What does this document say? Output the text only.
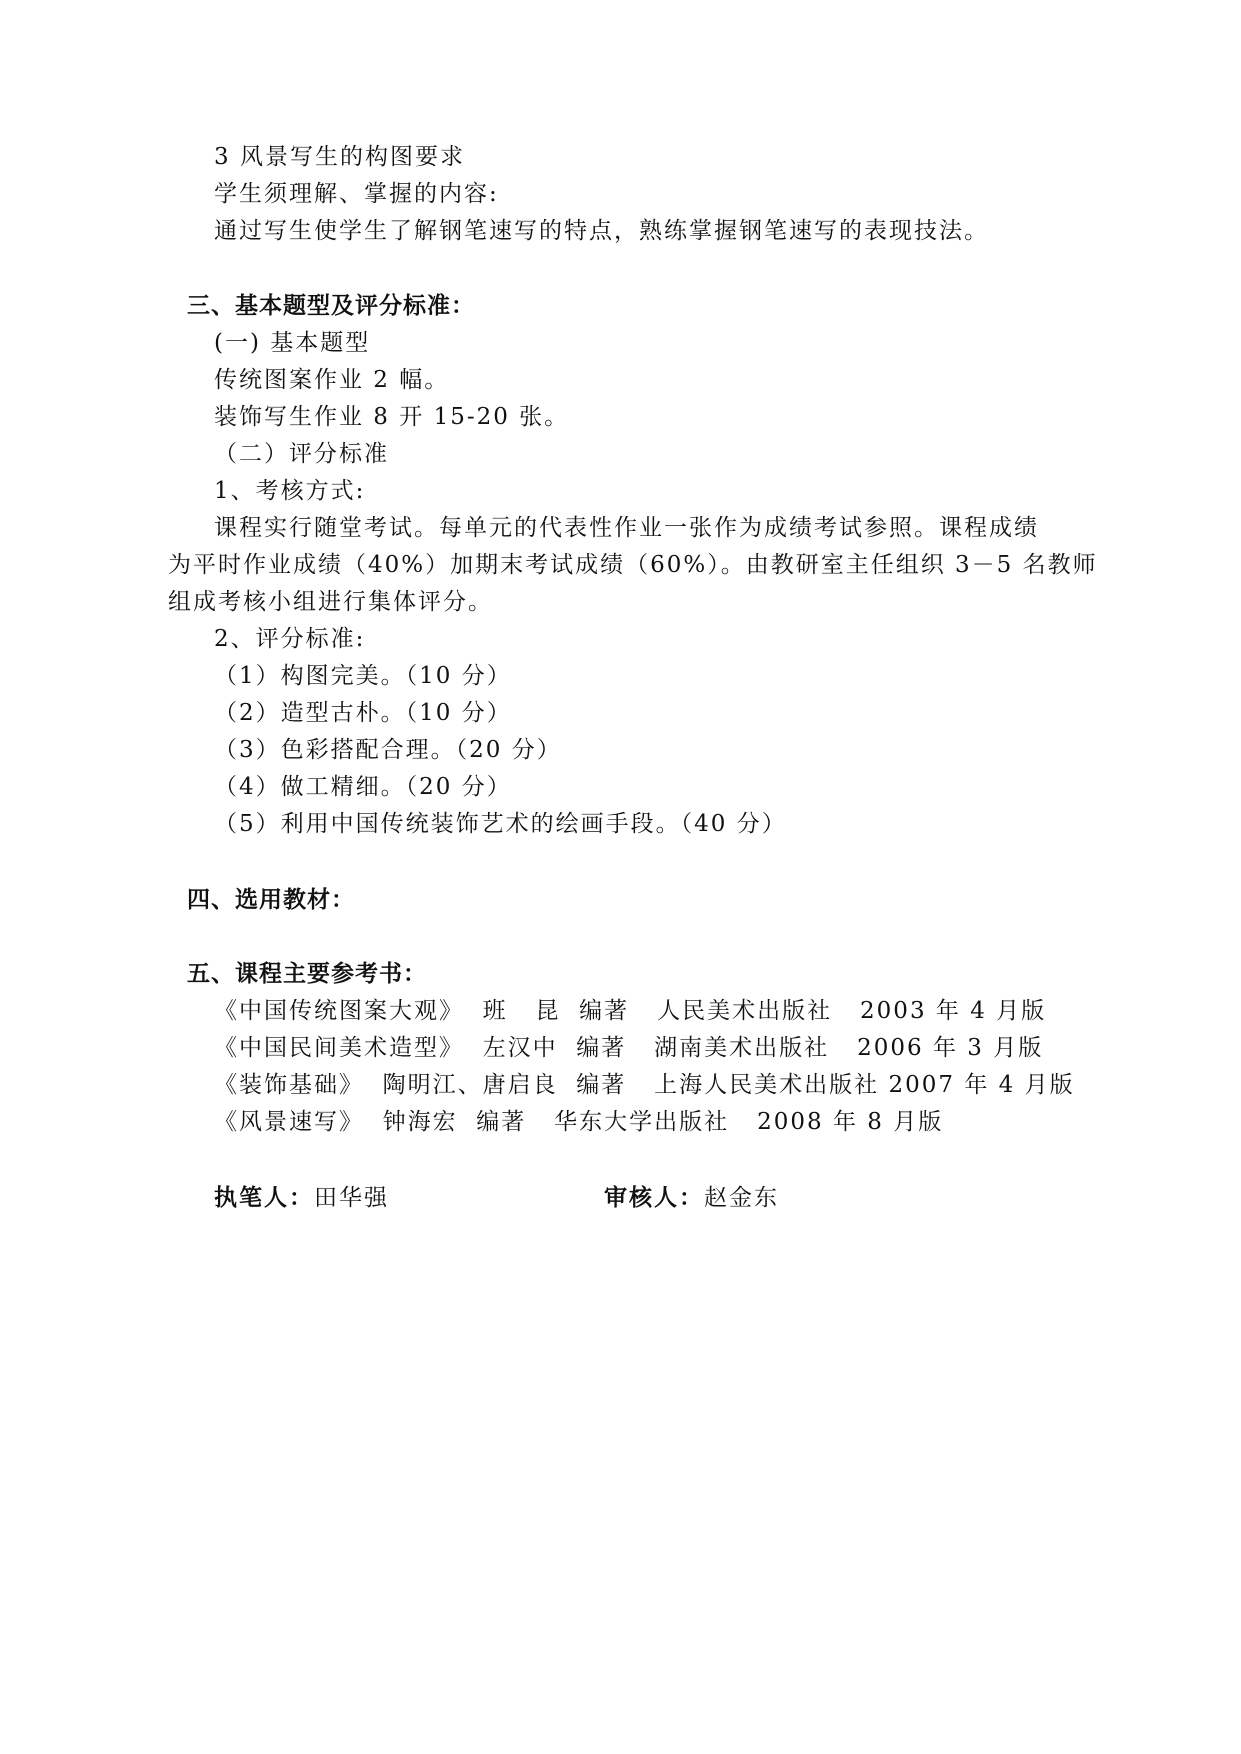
3 风景写生的构图要求
学生须理解、掌握的内容:
通过写生使学生了解钢笔速写的特点，熟练掌握钢笔速写的表现技法。
三、基本题型及评分标准：
(一) 基本题型
传统图案作业 2 幅。
装饰写生作业 8 开 15-20 张。
（二）评分标准
1、考核方式:
课程实行随堂考试。每单元的代表性作业一张作为成绩考试参照。课程成绩
为平时作业成绩（40%）加期末考试成绩（60%）。由教研室主任组织 3－5 名教师
组成考核小组进行集体评分。
2、评分标准:
（1）构图完美。（10 分）
（2）造型古朴。（10 分）
（3）色彩搭配合理。（20 分）
（4）做工精细。（20 分）
（5）利用中国传统装饰艺术的绘画手段。（40 分）
四、选用教材：
五、课程主要参考书：
《中国传统图案大观》  班   昆  编著   人民美术出版社   2003 年 4 月版
《中国民间美术造型》  左汉中  编著   湖南美术出版社   2006 年 3 月版
《装饰基础》  陶明江、唐启良  编著   上海人民美术出版社 2007 年 4 月版
《风景速写》  钟海宏  编著   华东大学出版社   2008 年 8 月版
执笔人：田华强	审核人：赵金东
